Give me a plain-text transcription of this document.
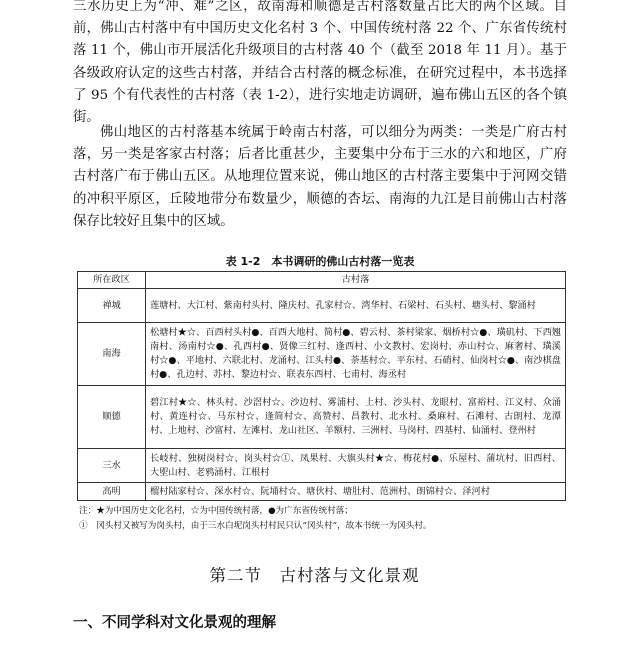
三水历史上为“冲、难”之区，故南海和顺德是古村落数量占比大的两个区域。目前，佛山古村落中有中国历史文化名村 3 个、中国传统村落 22 个、广东省传统村落 11 个，佛山市开展活化升级项目的古村落 40 个（截至 2018 年 11 月）。基于各级政府认定的这些古村落，并结合古村落的概念标准，在研究过程中，本书选择了 95 个有代表性的古村落（表 1-2），进行实地走访调研，遍布佛山五区的各个镇街。

佛山地区的古村落基本统属于岭南古村落，可以细分为两类：一类是广府古村落，另一类是客家古村落；后者比重甚少，主要集中分布于三水的六和地区，广府古村落广布于佛山五区。从地理位置来说，佛山地区的古村落主要集中于河网交错的冲积平原区，丘陵地带分布数量少，顺德的杏坛、南海的九江是目前佛山古村落保存比较好且集中的区域。

表 1-2　本书调研的佛山古村落一览表
所在政区	古村落
禅城	莲塘村、大江村、紫南村头村、隆庆村、孔家村☆、湾华村、石梁村、石头村、塘头村、黎涌村
南海	松塘村★☆、百西村头村●、百西大地村、简村●、碧云村、茶村梁家、烟桥村☆●、璜矶村、下西翘南村、汤南村☆●、孔西村●、贤像三红村、逢西村、小文教村、宏岗村、赤山村☆、麻奢村、璜溪村☆●、平地村、六联北村、龙涌村、江头村●、荼基村☆、平东村、石硝村、仙岗村☆●、南沙棋盘村●、孔边村、苏村、黎边村☆、联表东西村、七甫村、海丞村
顺德	碧江村★☆、林头村、沙滘村☆、沙边村、雾浦村、上村、沙头村、龙眼村、富裕村、江义村、众涌村、黄连村☆、马东村☆、逢简村☆、高赞村、昌教村、北水村、桑麻村、石滩村、古朗村、龙潭村、上地村、沙富村、左滩村、龙山社区、羊额村、三洲村、马岗村、四基村、仙涌村、登州村
三水	长岐村、独树岗村☆、岗头村☆①、凤果村、大旗头村★☆、梅花村●、乐屋村、蒲坑村、旧西村、大堲山村、老鸦涌村、江根村
高明	榴村陆家村☆、深水村☆、阮埇村☆、塘伙村、塘肚村、范洲村、朗锦村☆、泽河村

注：★为中国历史文化名村，☆为中国传统村落，●为广东省传统村落；

①　冈头村又被写为岗头村，由于三水白坭岗头村村民只认“冈头村”，故本书统一为冈头村。

第二节　古村落与文化景观
一、不同学科对文化景观的理解
